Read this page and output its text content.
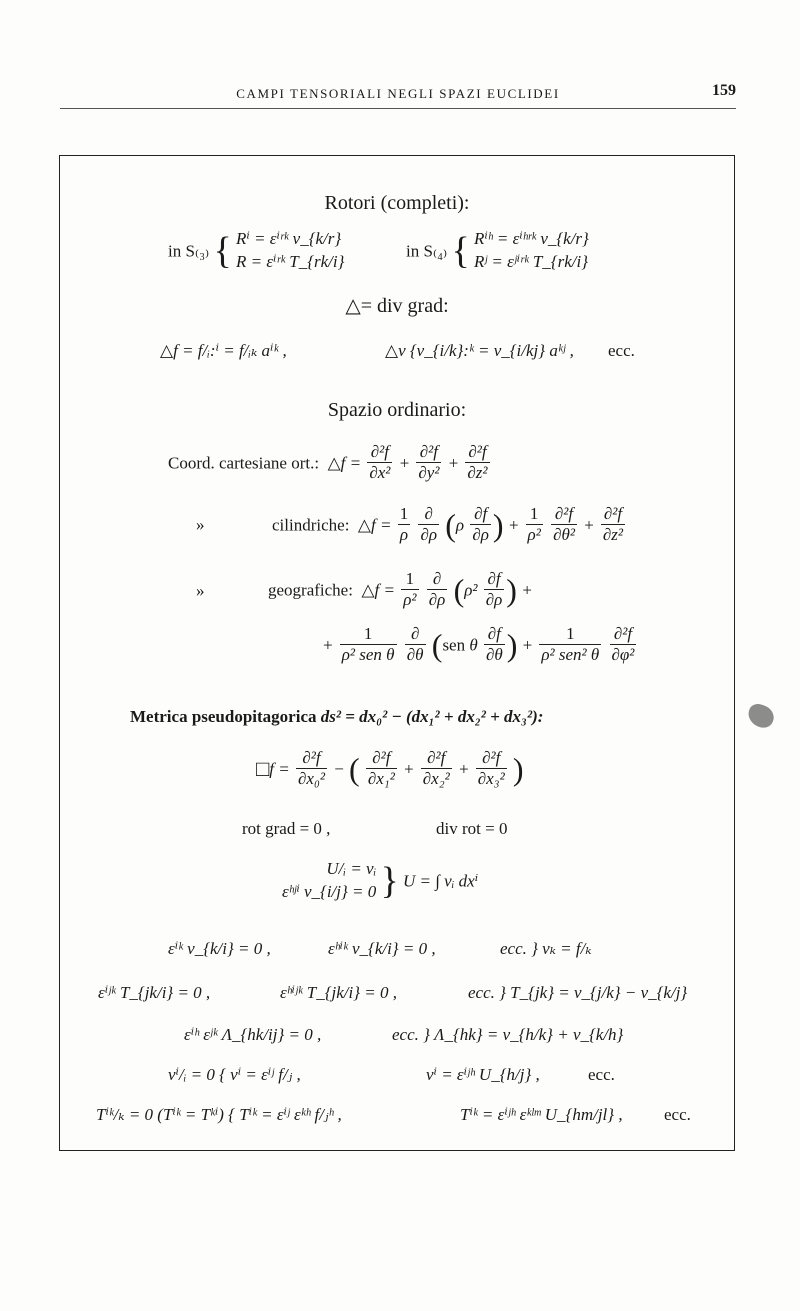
CAMPI TENSORIALI NEGLI SPAZI EUCLIDEI	159
Rotori (completi):
in S₍₃₎ { Rⁱ = εⁱʳᵏ v_{k/r}
R = εⁱʳᵏ T_{rk/i}
in S₍₄₎ { Rⁱʰ = εⁱʰʳᵏ v_{k/r}
Rʲ = εʲⁱʳᵏ T_{rk/i}
△= div grad:
△f = f/ᵢ:ⁱ = f/ᵢₖ aⁱᵏ ,	△v {v_{i/k}:ᵏ = v_{i/kj} aᵏʲ , ecc.
Spazio ordinario:
Coord. cartesiane ort.:  △f = $\frac{\text{∂²f}}{\text{∂x²}} + \frac{\text{∂²f}}{\text{∂y²}} + \frac{\text{∂²f}}{\text{∂z²}}$
»	cilindriche:  △f = $\frac{1}{\rho}$
$\frac{\partial}{\partial\rho} (\rho \frac{\partial f}{\partial\rho}$ ) + $\frac{1}{\text{ρ²}}$
$\frac{\text{∂²f}}{\text{∂θ²}} + \frac{\text{∂²f}}{\text{∂z²}}$
»	geografiche:  △f = $\frac{1}{\text{ρ²}}$
$\frac{\partial}{\partial\rho} (\rho^2 \frac{\partial f}{\partial\rho}$ ) +
+ $\frac{1}{\text{ρ² sen θ}}$
$\frac{\partial}{\partial\theta} (sen$ θ $\frac{\partial f}{\partial\theta}$ ) + $\frac{1}{\text{ρ² sen² θ}}$
$\frac{\text{∂²f}}{\text{∂φ²}}$
Metrica pseudopitagorica ds² = dx₀² − (dx₁² + dx₂² + dx₃²):
□f = $\frac{\text{∂²f}}{\text{∂x₀²}}$ − ( $\frac{\text{∂²f}}{\text{∂x₁²}} + \frac{\text{∂²f}}{\text{∂x₂²}} + \frac{\text{∂²f}}{\text{∂x₃²}}$ )
rot grad = 0 ,	div rot = 0
U/ᵢ = vᵢ
εʰʲⁱ v_{i/j} = 0 } U = ∫ vᵢ dxⁱ
εⁱᵏ v_{k/i} = 0 ,	εʰⁱᵏ v_{k/i} = 0 ,	ecc. } vₖ = f/ₖ
εⁱʲᵏ T_{jk/i} = 0 ,	εʰⁱʲᵏ T_{jk/i} = 0 ,	ecc. } T_{jk} = v_{j/k} − v_{k/j}
εⁱʰ εʲᵏ Λ_{hk/ij} = 0 ,	ecc. } Λ_{hk} = v_{h/k} + v_{k/h}
vⁱ/ᵢ = 0 { vⁱ = εⁱʲ f/ⱼ ,	vⁱ = εⁱʲʰ U_{h/j} ,	ecc.
Tⁱᵏ/ₖ = 0 (Tⁱᵏ = Tᵏⁱ) { Tⁱᵏ = εⁱʲ εᵏʰ f/ⱼʰ ,	Tⁱᵏ = εⁱʲʰ εᵏˡᵐ U_{hm/jl} , ecc.
